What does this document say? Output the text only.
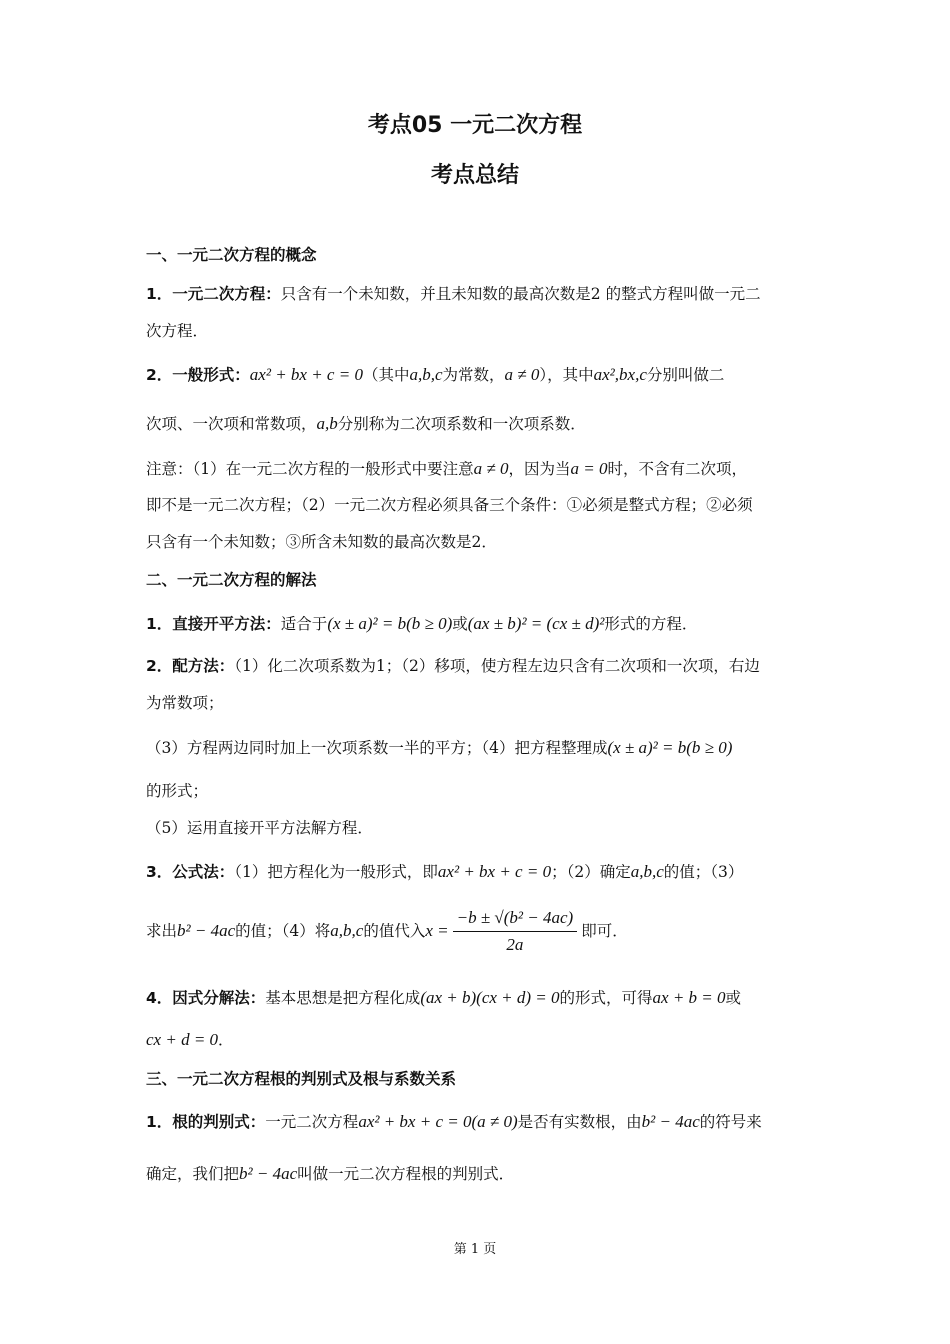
考点05 一元二次方程
考点总结
一、一元二次方程的概念
1．一元二次方程：只含有一个未知数，并且未知数的最高次数是2 的整式方程叫做一元二
次方程．
2．一般形式：ax² + bx + c = 0（其中a,b,c为常数，a ≠ 0），其中ax²,bx,c分别叫做二
次项、一次项和常数项，a,b分别称为二次项系数和一次项系数．
注意：（1）在一元二次方程的一般形式中要注意a ≠ 0，因为当a = 0时，不含有二次项，
即不是一元二次方程；（2）一元二次方程必须具备三个条件：①必须是整式方程；②必须
只含有一个未知数；③所含未知数的最高次数是2．
二、一元二次方程的解法
1．直接开平方法：适合于(x ± a)² = b(b ≥ 0)或(ax ± b)² = (cx ± d)²形式的方程．
2．配方法：（1）化二次项系数为1；（2）移项，使方程左边只含有二次项和一次项，右边
为常数项；
（3）方程两边同时加上一次项系数一半的平方；（4）把方程整理成(x ± a)² = b(b ≥ 0)
的形式；
（5）运用直接开平方法解方程．
3．公式法：（1）把方程化为一般形式，即ax² + bx + c = 0；（2）确定a,b,c的值；（3）
求出b² − 4ac的值；（4）将a,b,c的值代入$x = \frac{\text{−b ± √(b² − 4ac)}}{2a}$ 即可．
4．因式分解法：基本思想是把方程化成(ax + b)(cx + d) = 0的形式，可得ax + b = 0或
cx + d = 0．
三、一元二次方程根的判别式及根与系数关系
1．根的判别式：一元二次方程ax² + bx + c = 0(a ≠ 0)是否有实数根，由b² − 4ac的符号来
确定，我们把b² − 4ac叫做一元二次方程根的判别式．
第 1 页
